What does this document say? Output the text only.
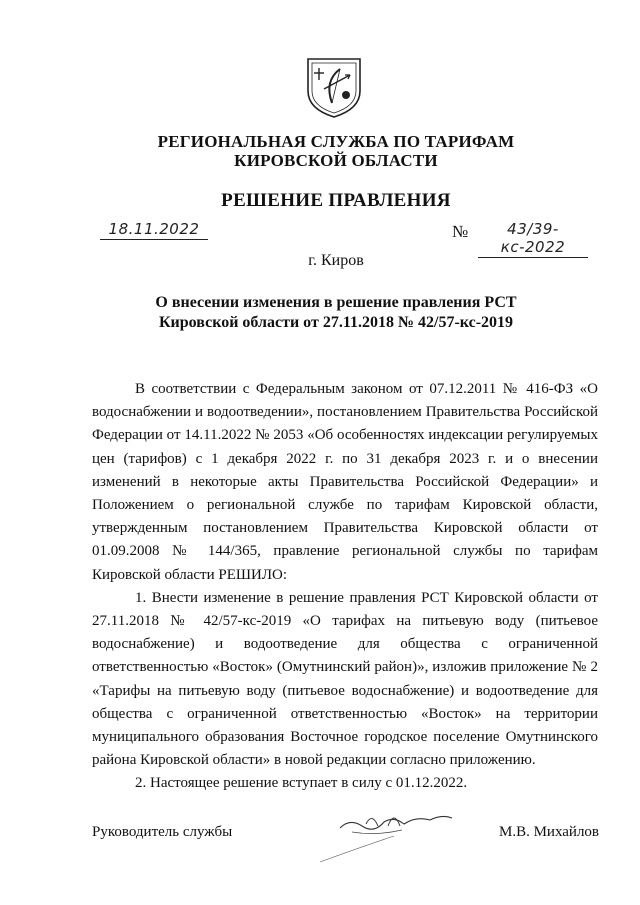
РЕГИОНАЛЬНАЯ СЛУЖБА ПО ТАРИФАМ
КИРОВСКОЙ ОБЛАСТИ
РЕШЕНИЕ ПРАВЛЕНИЯ
18.11.2022	№	43/39-кс-2022
г. Киров
О внесении изменения в решение правления РСТ
Кировской области от 27.11.2018 № 42/57-кс-2019

В соответствии с Федеральным законом от 07.12.2011 № 416-ФЗ «О водоснабжении и водоотведении», постановлением Правительства Российской Федерации от 14.11.2022 № 2053 «Об особенностях индексации регулируемых цен (тарифов) с 1 декабря 2022 г. по 31 декабря 2023 г. и о внесении изменений в некоторые акты Правительства Российской Федерации» и Положением о региональной службе по тарифам Кировской области, утвержденным постановлением Правительства Кировской области от 01.09.2008 № 144/365, правление региональной службы по тарифам Кировской области РЕШИЛО:

1. Внести изменение в решение правления РСТ Кировской области от 27.11.2018 № 42/57-кс-2019 «О тарифах на питьевую воду (питьевое водоснабжение) и водоотведение для общества с ограниченной ответственностью «Восток» (Омутнинский район)», изложив приложение № 2 «Тарифы на питьевую воду (питьевое водоснабжение) и водоотведение для общества с ограниченной ответственностью «Восток» на территории муниципального образования Восточное городское поселение Омутнинского района Кировской области» в новой редакции согласно приложению.

2. Настоящее решение вступает в силу с 01.12.2022.

Руководитель службы	М.В. Михайлов
